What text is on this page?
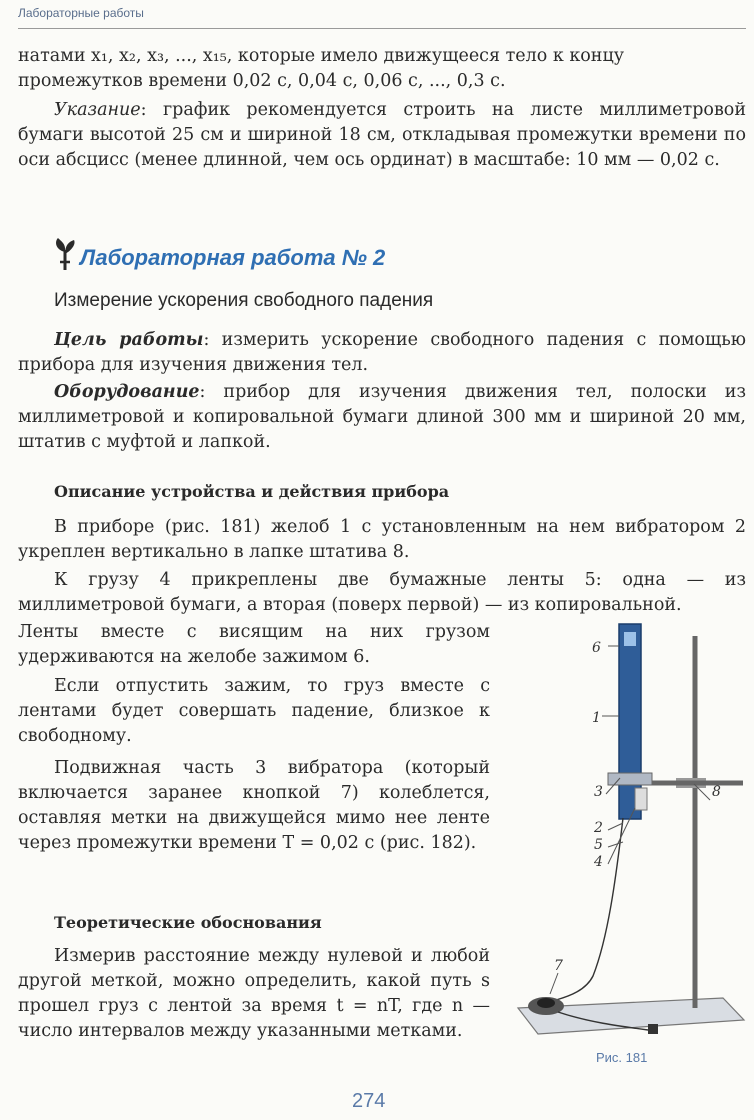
Лабораторные работы

натами x₁, x₂, x₃, ..., x₁₅, которые имело движущееся тело к концу

промежутков времени 0,02 с, 0,04 с, 0,06 с, ..., 0,3 с.

Указание: график рекомендуется строить на листе миллиметровой бумаги высотой 25 см и шириной 18 см, откладывая промежутки времени по оси абсцисс (менее длинной, чем ось ординат) в масштабе: 10 мм — 0,02 с.

Лабораторная работа № 2
Измерение ускорения свободного падения

Цель работы: измерить ускорение свободного падения с помощью прибора для изучения движения тел.

Оборудование: прибор для изучения движения тел, полоски из миллиметровой и копировальной бумаги длиной 300 мм и шириной 20 мм, штатив с муфтой и лапкой.

Описание устройства и действия прибора

В приборе (рис. 181) желоб 1 с установленным на нем вибратором 2 укреплен вертикально в лапке штатива 8.

К грузу 4 прикреплены две бумажные ленты 5: одна — из миллиметровой бумаги, а вторая (поверх первой) — из копировальной.

Ленты вместе с висящим на них грузом удерживаются на желобе зажимом 6.

Если отпустить зажим, то груз вместе с лентами будет совершать падение, близкое к свободному.

Подвижная часть 3 вибратора (который включается заранее кнопкой 7) колеблется, оставляя метки на движущейся мимо нее ленте через промежутки времени T = 0,02 с (рис. 182).

Теоретические обоснования

Измерив расстояние между нулевой и любой другой меткой, можно определить, какой путь s прошел груз с лентой за время t = nT, где n — число интервалов между указанными метками.

6
1
3	8
2
5
4
7
Рис. 181
274
